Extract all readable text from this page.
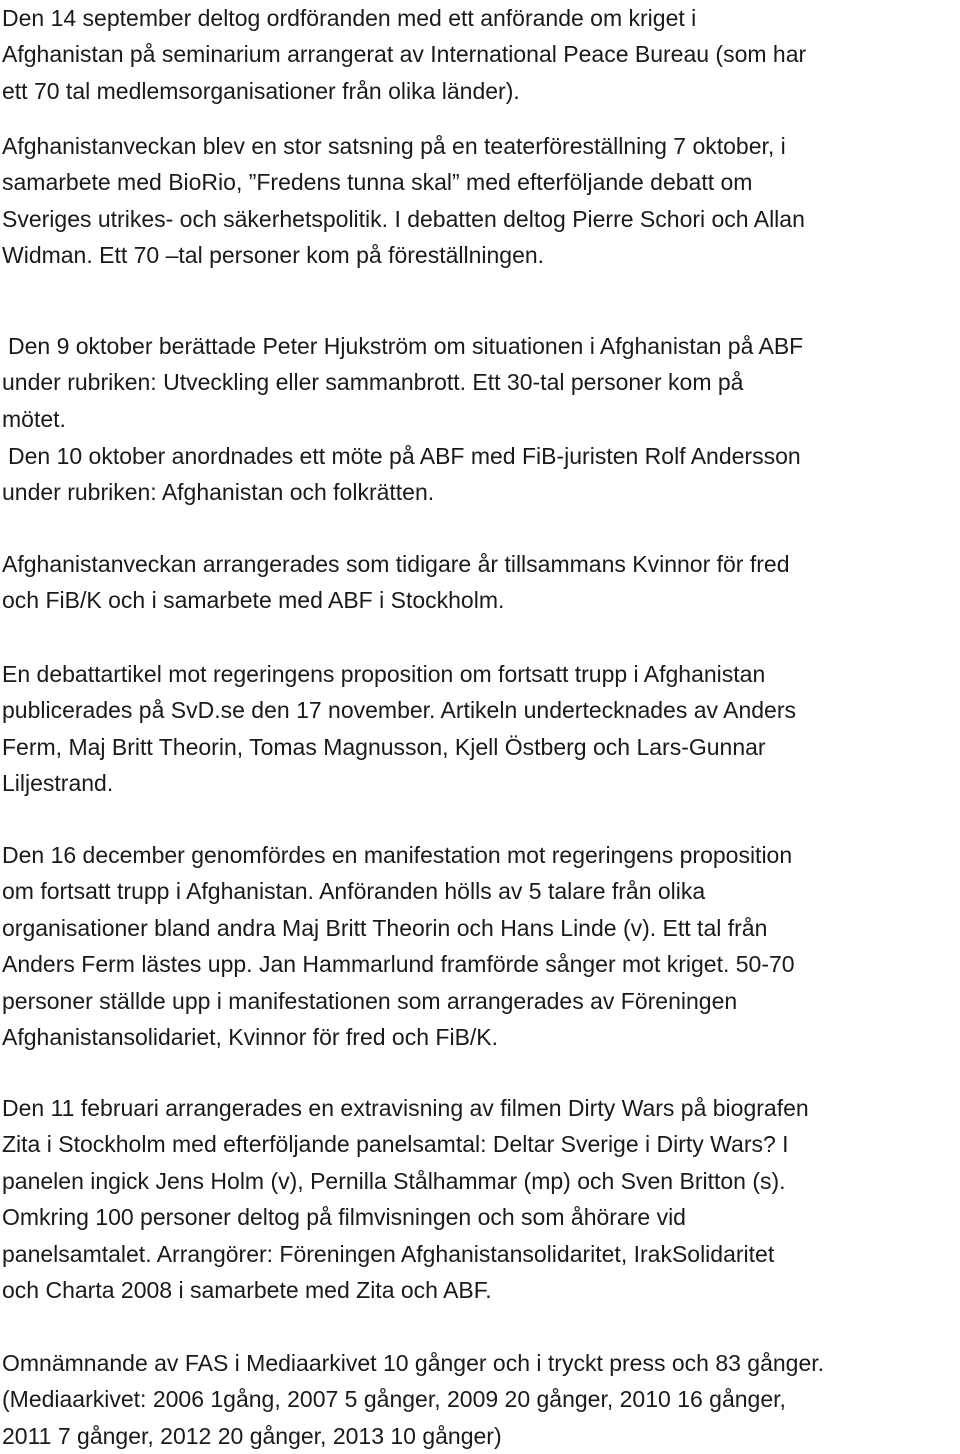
Den 14 september deltog ordföranden med ett anförande om kriget i
Afghanistan på seminarium arrangerat av International Peace Bureau (som har
ett 70 tal medlemsorganisationer från olika länder).
Afghanistanveckan blev en stor satsning på en teaterföreställning 7 oktober, i
samarbete med BioRio, ”Fredens tunna skal” med efterföljande debatt om
Sveriges utrikes- och säkerhetspolitik. I debatten deltog Pierre Schori och Allan
Widman. Ett 70 –tal personer kom på föreställningen.
Den 9 oktober berättade Peter Hjukström om situationen i Afghanistan på ABF
under rubriken: Utveckling eller sammanbrott. Ett 30-tal personer kom på
mötet.
Den 10 oktober anordnades ett möte på ABF med FiB-juristen Rolf Andersson
under rubriken: Afghanistan och folkrätten.
Afghanistanveckan arrangerades som tidigare år tillsammans Kvinnor för fred
och FiB/K och i samarbete med ABF i Stockholm.
En debattartikel mot regeringens proposition om fortsatt trupp i Afghanistan
publicerades på SvD.se den 17 november. Artikeln undertecknades av Anders
Ferm, Maj Britt Theorin, Tomas Magnusson, Kjell Östberg och Lars-Gunnar
Liljestrand.
Den 16 december genomfördes en manifestation mot regeringens proposition
om fortsatt trupp i Afghanistan. Anföranden hölls av 5 talare från olika
organisationer bland andra Maj Britt Theorin och Hans Linde (v). Ett tal från
Anders Ferm lästes upp. Jan Hammarlund framförde sånger mot kriget. 50-70
personer ställde upp i manifestationen som arrangerades av Föreningen
Afghanistansolidariet, Kvinnor för fred och FiB/K.
Den 11 februari arrangerades en extravisning av filmen Dirty Wars på biografen
Zita i Stockholm med efterföljande panelsamtal: Deltar Sverige i Dirty Wars? I
panelen ingick Jens Holm (v), Pernilla Stålhammar (mp) och Sven Britton (s).
Omkring 100 personer deltog på filmvisningen och som åhörare vid
panelsamtalet. Arrangörer: Föreningen Afghanistansolidaritet, IrakSolidaritet
och Charta 2008 i samarbete med Zita och ABF.
Omnämnande av FAS i Mediaarkivet 10 gånger och i tryckt press och 83 gånger.
(Mediaarkivet: 2006 1gång, 2007 5 gånger, 2009 20 gånger, 2010 16 gånger,
2011 7 gånger, 2012 20 gånger, 2013 10 gånger)
